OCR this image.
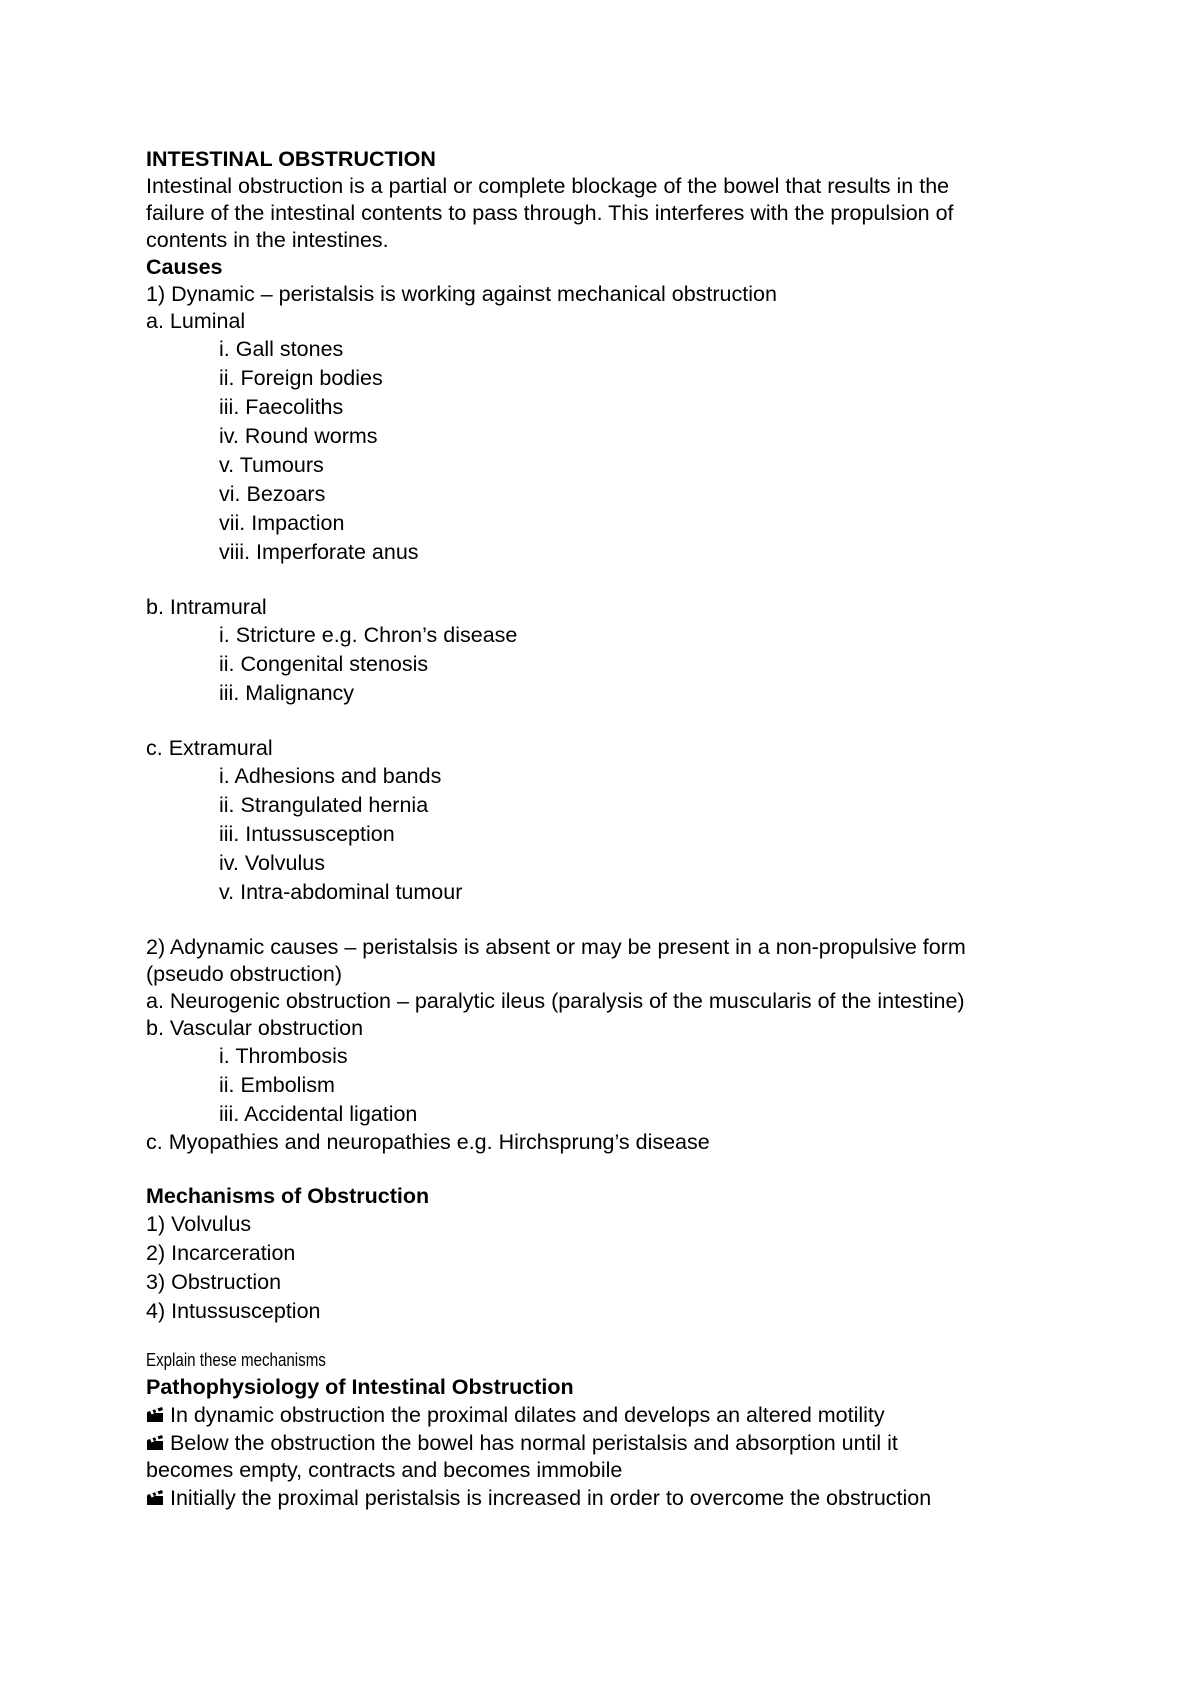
INTESTINAL OBSTRUCTION
Intestinal obstruction is a partial or complete blockage of the bowel that results in the failure of the intestinal contents to pass through. This interferes with the propulsion of contents in the intestines.
Causes
1) Dynamic – peristalsis is working against mechanical obstruction
a. Luminal
i. Gall stones
ii. Foreign bodies
iii. Faecoliths
iv. Round worms
v. Tumours
vi. Bezoars
vii. Impaction
viii. Imperforate anus
b. Intramural
i. Stricture e.g. Chron’s disease
ii. Congenital stenosis
iii. Malignancy
c. Extramural
i. Adhesions and bands
ii. Strangulated hernia
iii. Intussusception
iv. Volvulus
v. Intra-abdominal tumour
2) Adynamic causes – peristalsis is absent or may be present in a non-propulsive form
(pseudo obstruction)
a. Neurogenic obstruction – paralytic ileus (paralysis of the muscularis of the intestine)
b. Vascular obstruction
i. Thrombosis
ii. Embolism
iii. Accidental ligation
c. Myopathies and neuropathies e.g. Hirchsprung’s disease
Mechanisms of Obstruction
1) Volvulus
2) Incarceration
3) Obstruction
4) Intussusception
Explain these mechanisms
Pathophysiology of Intestinal Obstruction
In dynamic obstruction the proximal dilates and develops an altered motility
Below the obstruction the bowel has normal peristalsis and absorption until it
becomes empty, contracts and becomes immobile
Initially the proximal peristalsis is increased in order to overcome the obstruction
